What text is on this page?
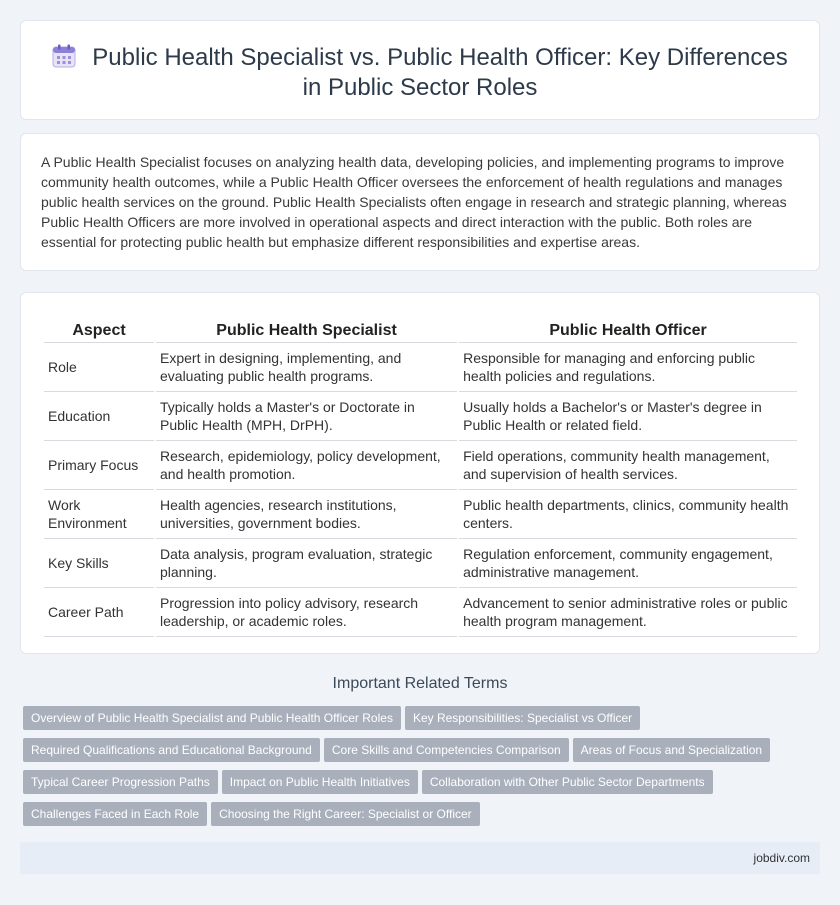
Public Health Specialist vs. Public Health Officer: Key Differences in Public Sector Roles

A Public Health Specialist focuses on analyzing health data, developing policies, and implementing programs to improve community health outcomes, while a Public Health Officer oversees the enforcement of health regulations and manages public health services on the ground. Public Health Specialists often engage in research and strategic planning, whereas Public Health Officers are more involved in operational aspects and direct interaction with the public. Both roles are essential for protecting public health but emphasize different responsibilities and expertise areas.

Aspect	Public Health Specialist	Public Health Officer
Role	Expert in designing, implementing, and evaluating public health programs.	Responsible for managing and enforcing public health policies and regulations.
Education	Typically holds a Master's or Doctorate in Public Health (MPH, DrPH).	Usually holds a Bachelor's or Master's degree in Public Health or related field.
Primary Focus	Research, epidemiology, policy development, and health promotion.	Field operations, community health management, and supervision of health services.
Work Environment	Health agencies, research institutions, universities, government bodies.	Public health departments, clinics, community health centers.
Key Skills	Data analysis, program evaluation, strategic planning.	Regulation enforcement, community engagement, administrative management.
Career Path	Progression into policy advisory, research leadership, or academic roles.	Advancement to senior administrative roles or public health program management.
Important Related Terms
Overview of Public Health Specialist and Public Health Officer Roles Key Responsibilities: Specialist vs Officer
Required Qualifications and Educational Background Core Skills and Competencies Comparison Areas of Focus and Specialization
Typical Career Progression Paths Impact on Public Health Initiatives Collaboration with Other Public Sector Departments
Challenges Faced in Each Role Choosing the Right Career: Specialist or Officer
jobdiv.com
